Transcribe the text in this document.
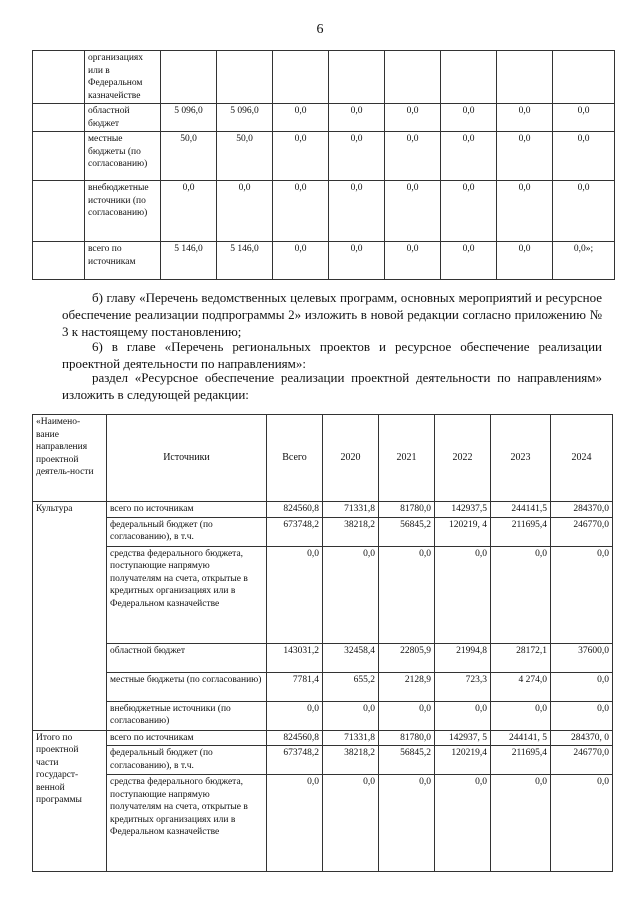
6
	организациях или в Федеральном казначействе									
	областной бюджет	5 096,0	5 096,0	0,0	0,0	0,0	0,0	0,0	0,0	
	местные бюджеты (по согласованию)	50,0	50,0	0,0	0,0	0,0	0,0	0,0	0,0	
	внебюджетные источники (по согласованию)	0,0	0,0	0,0	0,0	0,0	0,0	0,0	0,0	
	всего по источникам	5 146,0	5 146,0	0,0	0,0	0,0	0,0	0,0	0,0»;	

б) главу «Перечень ведомственных целевых программ, основных мероприятий и ресурсное обеспечение реализации подпрограммы 2» изложить в новой редакции согласно приложению № 3 к настоящему постановлению;

6) в главе «Перечень региональных проектов и ресурсное обеспечение реализации проектной деятельности по направлениям»:

раздел «Ресурсное обеспечение реализации проектной деятельности по направлениям» изложить в следующей редакции:

«Наимено-вание направления проектной деятель-ности	Источники	Всего	2020	2021	2022	2023	2024
Культура	всего по источникам	824560,8	71331,8	81780,0	142937,5	244141,5	284370,0
	федеральный бюджет (по согласованию), в т.ч.	673748,2	38218,2	56845,2	120219, 4	211695,4	246770,0
	средства федерального бюджета, поступающие напрямую получателям на счета, открытые в кредитных организациях или в Федеральном казначействе	0,0	0,0	0,0	0,0	0,0	0,0
	областной бюджет	143031,2	32458,4	22805,9	21994,8	28172,1	37600,0
	местные бюджеты (по согласованию)	7781,4	655,2	2128,9	723,3	4 274,0	0,0
	внебюджетные источники (по согласованию)	0,0	0,0	0,0	0,0	0,0	0,0
Итого по проектной части государст-венной программы	всего по источникам	824560,8	71331,8	81780,0	142937, 5	244141, 5	284370, 0
	федеральный бюджет (по согласованию), в т.ч.	673748,2	38218,2	56845,2	120219,4	211695,4	246770,0
	средства федерального бюджета, поступающие напрямую получателям на счета, открытые в кредитных организациях или в Федеральном казначействе	0,0	0,0	0,0	0,0	0,0	0,0
